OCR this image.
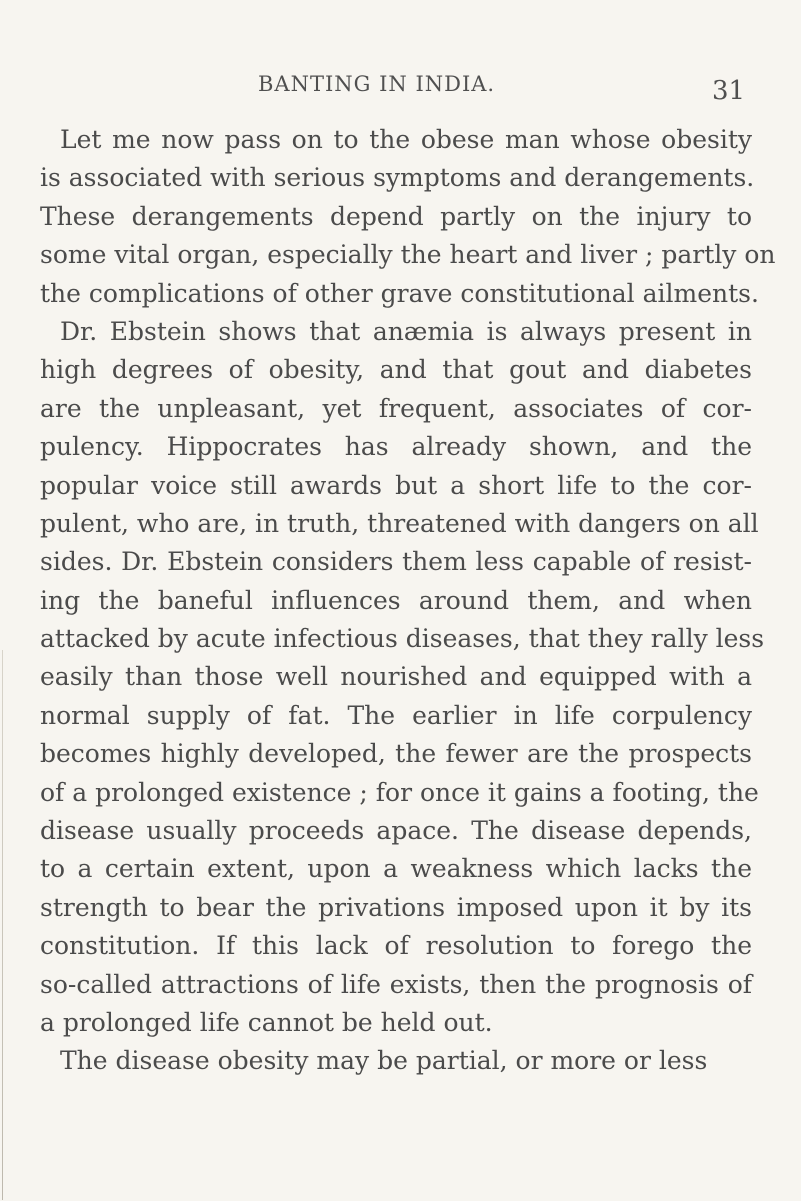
BANTING IN INDIA.	31
Let me now pass on to the obese man whose obesity
is associated with serious symptoms and derangements.
These derangements depend partly on the injury to
some vital organ, especially the heart and liver ; partly on
the complications of other grave constitutional ailments.
Dr. Ebstein shows that anæmia is always present in
high degrees of obesity, and that gout and diabetes
are the unpleasant, yet frequent, associates of cor-
pulency. Hippocrates has already shown, and the
popular voice still awards but a short life to the cor-
pulent, who are, in truth, threatened with dangers on all
sides. Dr. Ebstein considers them less capable of resist-
ing the baneful influences around them, and when
attacked by acute infectious diseases, that they rally less
easily than those well nourished and equipped with a
normal supply of fat. The earlier in life corpulency
becomes highly developed, the fewer are the prospects
of a prolonged existence ; for once it gains a footing, the
disease usually proceeds apace. The disease depends,
to a certain extent, upon a weakness which lacks the
strength to bear the privations imposed upon it by its
constitution. If this lack of resolution to forego the
so-called attractions of life exists, then the prognosis of
a prolonged life cannot be held out.
The disease obesity may be partial, or more or less
